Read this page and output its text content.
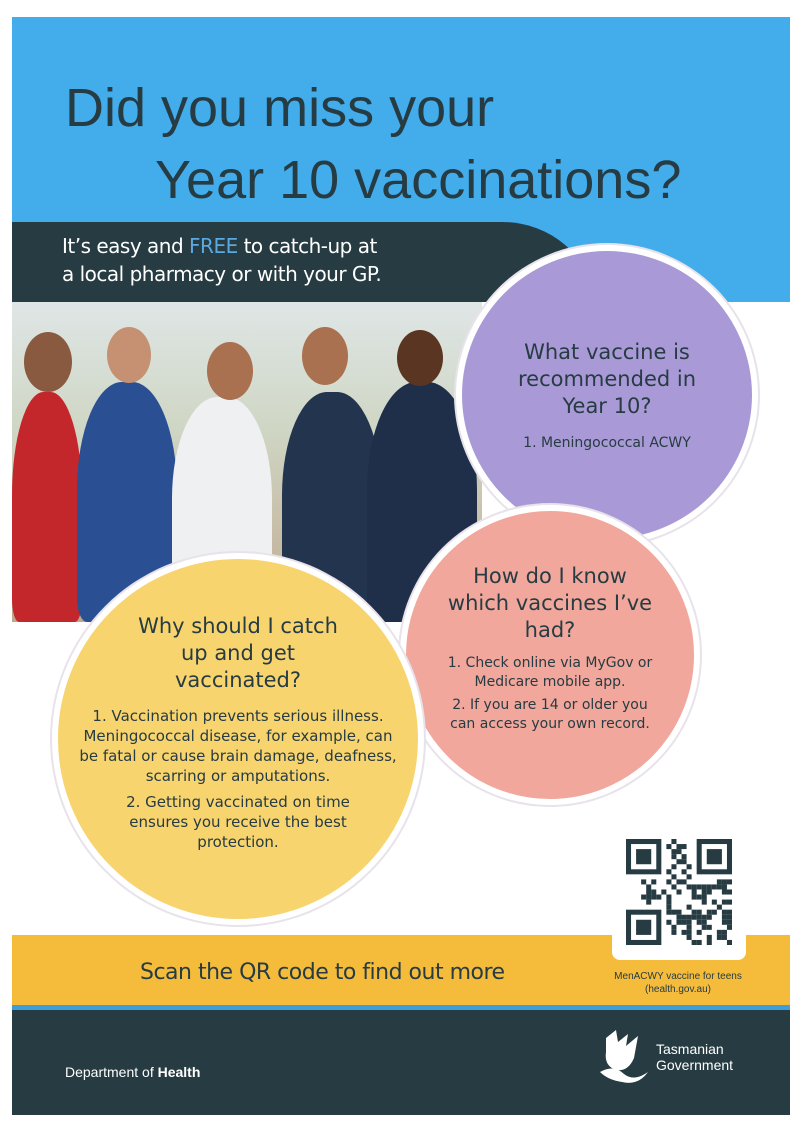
Did you miss your
Year 10 vaccinations?
It’s easy and FREE to catch-up at
a local pharmacy or with your GP.
What vaccine is recommended in Year 10?
1. Meningococcal ACWY
How do I know which vaccines I’ve had?
1. Check online via MyGov or Medicare mobile app.
2. If you are 14 or older you can access your own record.
Why should I catch up and get vaccinated?
1. Vaccination prevents serious illness. Meningococcal disease, for example, can be fatal or cause brain damage, deafness, scarring or amputations.
2. Getting vaccinated on time ensures you receive the best protection.
Scan the QR code to find out more	MenACWY vaccine for teens
(health.gov.au)
Department of Health
Tasmanian
Government
